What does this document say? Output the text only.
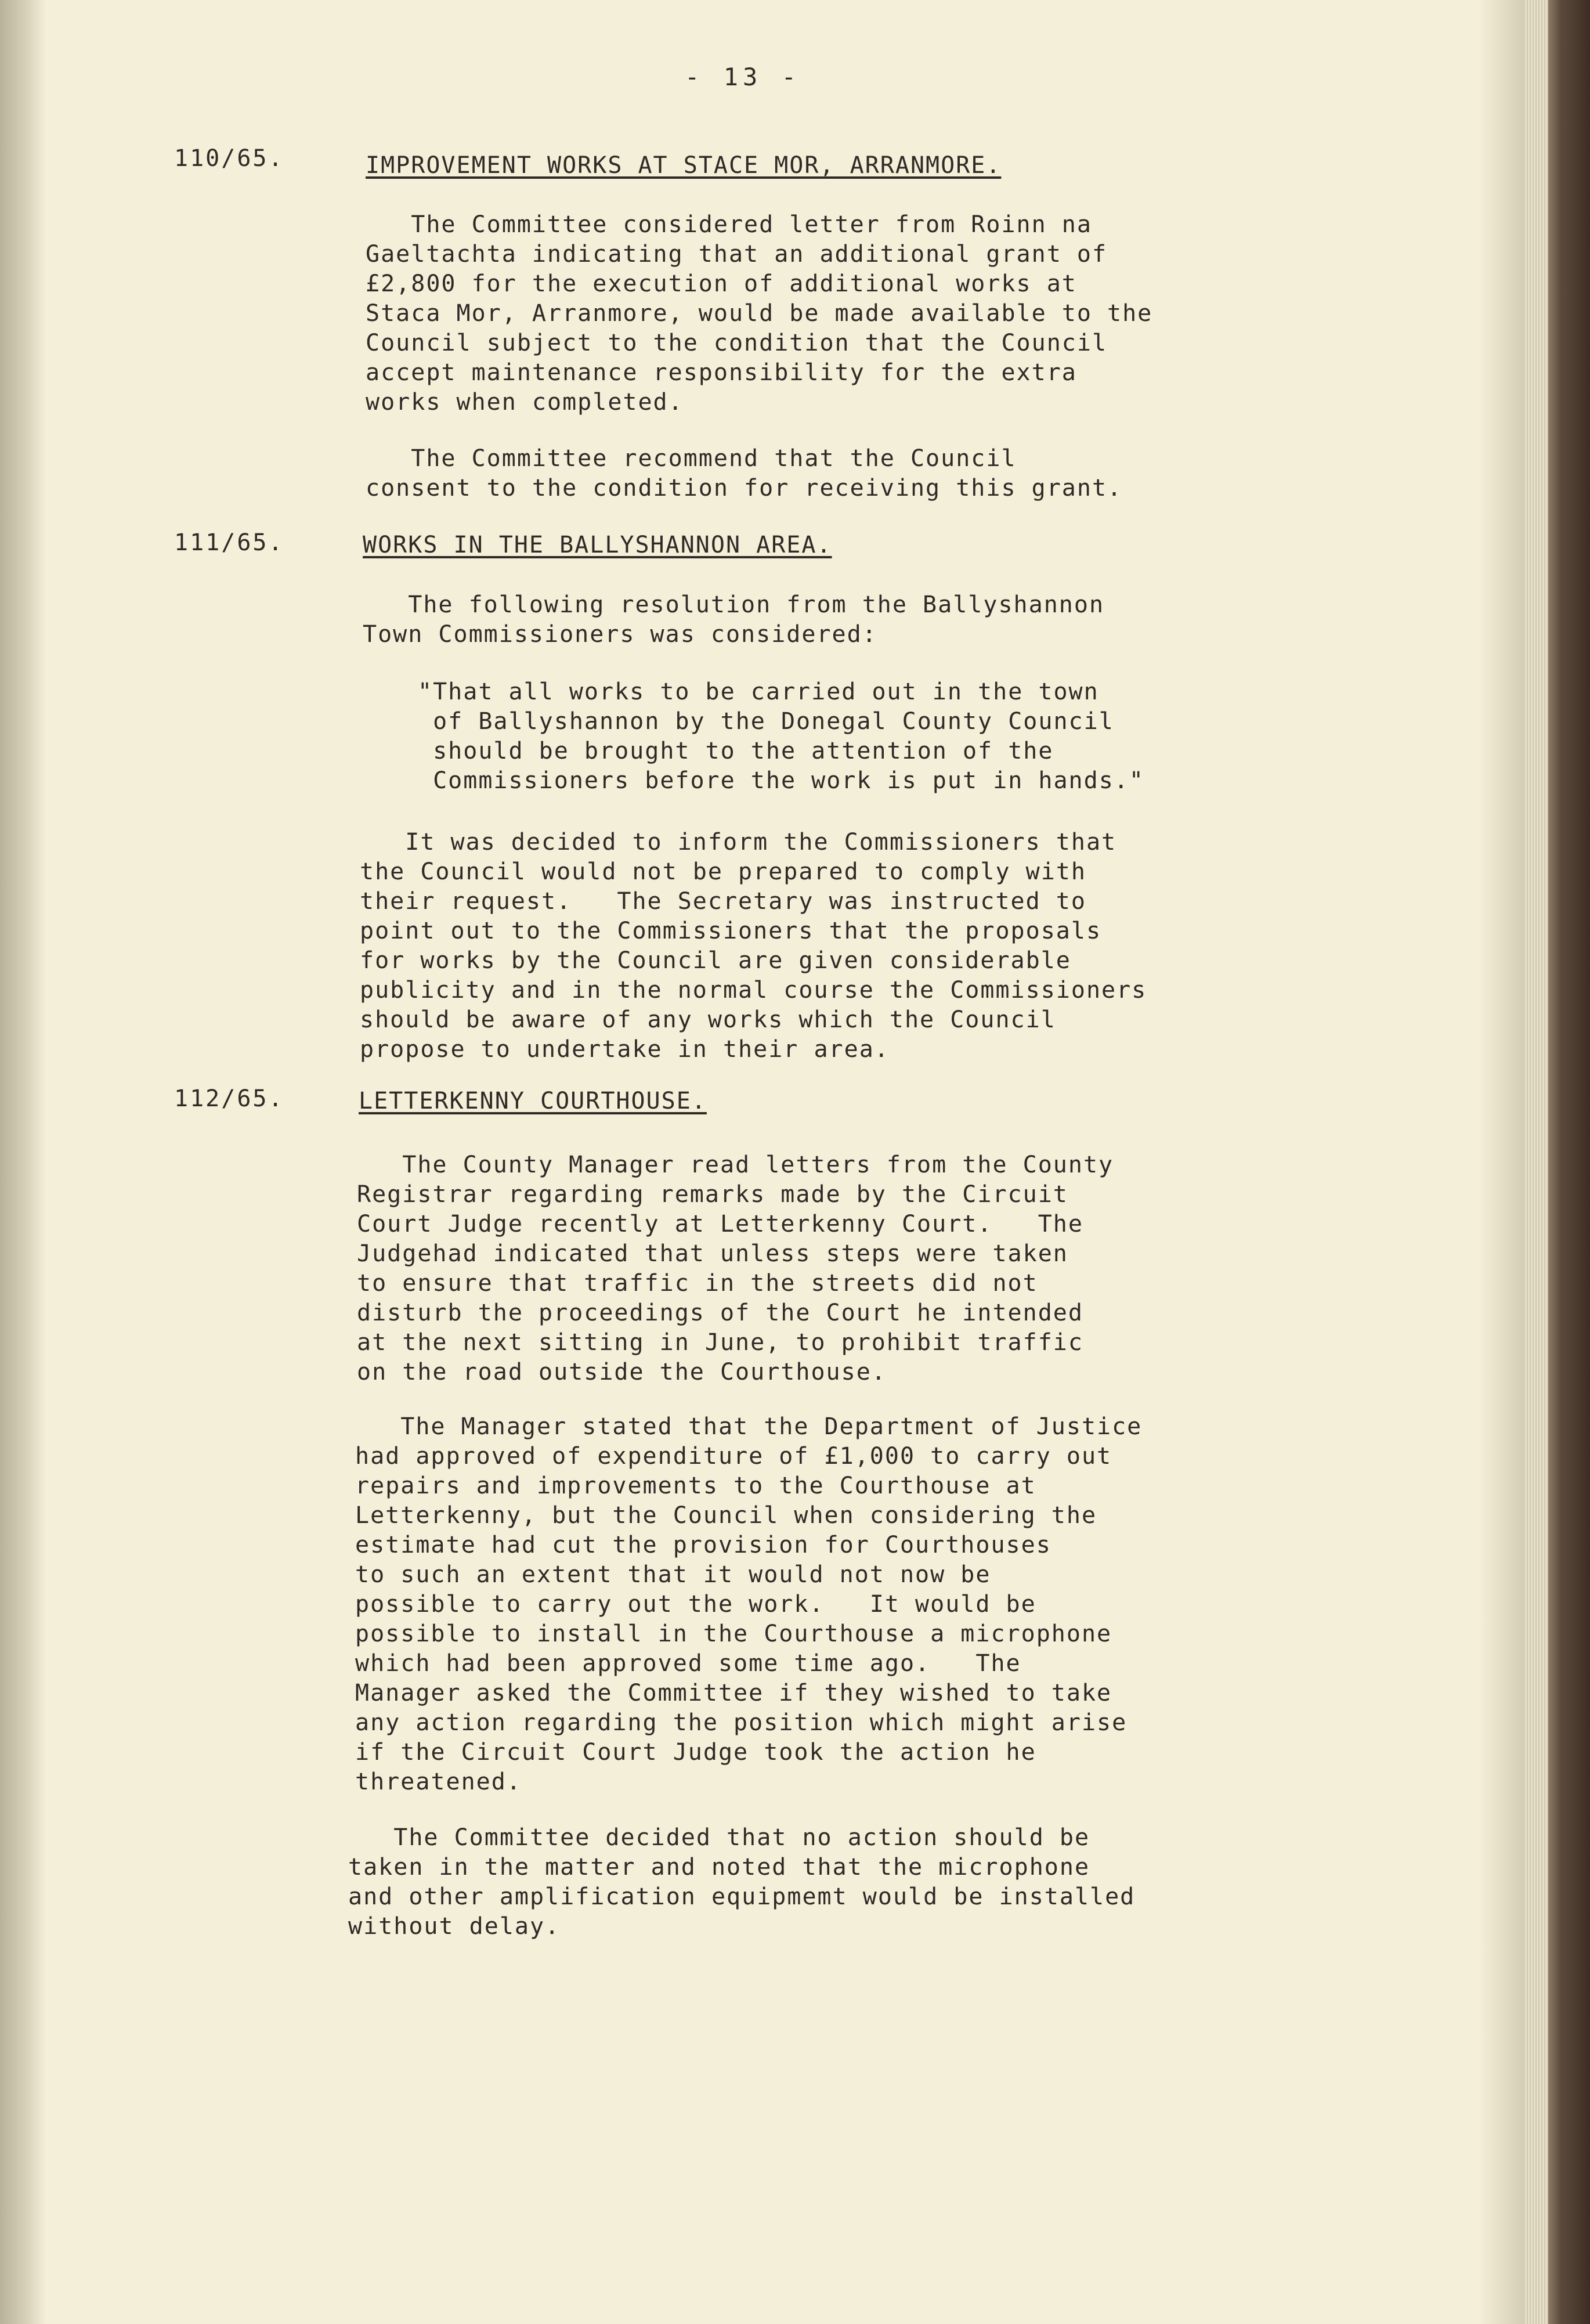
- 13 -
110/65.	IMPROVEMENT WORKS AT STACE MOR, ARRANMORE.
The Committee considered letter from Roinn na
Gaeltachta indicating that an additional grant of
£2,800 for the execution of additional works at
Staca Mor, Arranmore, would be made available to the
Council subject to the condition that the Council
accept maintenance responsibility for the extra
works when completed.
The Committee recommend that the Council
consent to the condition for receiving this grant.
111/65.	WORKS IN THE BALLYSHANNON AREA.
The following resolution from the Ballyshannon
Town Commissioners was considered:
"That all works to be carried out in the town
of Ballyshannon by the Donegal County Council
should be brought to the attention of the
Commissioners before the work is put in hands."
It was decided to inform the Commissioners that
the Council would not be prepared to comply with
their request.   The Secretary was instructed to
point out to the Commissioners that the proposals
for works by the Council are given considerable
publicity and in the normal course the Commissioners
should be aware of any works which the Council
propose to undertake in their area.
112/65.	LETTERKENNY COURTHOUSE.
The County Manager read letters from the County
Registrar regarding remarks made by the Circuit
Court Judge recently at Letterkenny Court.   The
Judgehad indicated that unless steps were taken
to ensure that traffic in the streets did not
disturb the proceedings of the Court he intended
at the next sitting in June, to prohibit traffic
on the road outside the Courthouse.
The Manager stated that the Department of Justice
had approved of expenditure of £1,000 to carry out
repairs and improvements to the Courthouse at
Letterkenny, but the Council when considering the
estimate had cut the provision for Courthouses
to such an extent that it would not now be
possible to carry out the work.   It would be
possible to install in the Courthouse a microphone
which had been approved some time ago.   The
Manager asked the Committee if they wished to take
any action regarding the position which might arise
if the Circuit Court Judge took the action he
threatened.
The Committee decided that no action should be
taken in the matter and noted that the microphone
and other amplification equipmemt would be installed
without delay.
